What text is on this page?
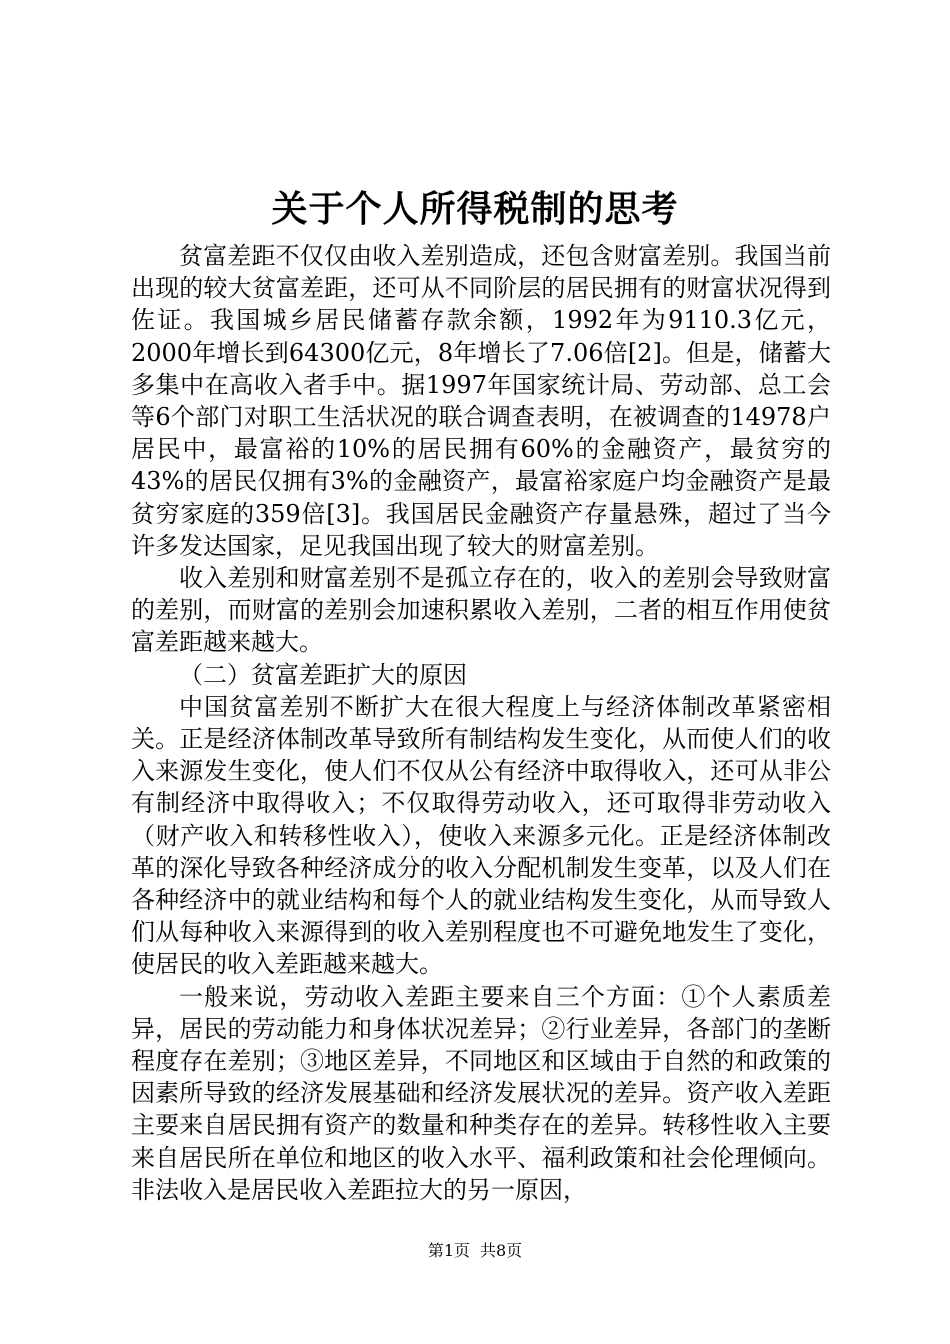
关于个人所得税制的思考

贫富差距不仅仅由收入差别造成，还包含财富差别。我国当前出现的较大贫富差距，还可从不同阶层的居民拥有的财富状况得到佐证。我国城乡居民储蓄存款余额，1992年为9110.3亿元，2000年增长到64300亿元，8年增长了7.06倍[2]。但是，储蓄大多集中在高收入者手中。据1997年国家统计局、劳动部、总工会等6个部门对职工生活状况的联合调查表明，在被调查的14978户居民中，最富裕的10%的居民拥有60%的金融资产，最贫穷的43%的居民仅拥有3%的金融资产，最富裕家庭户均金融资产是最贫穷家庭的359倍[3]。我国居民金融资产存量悬殊，超过了当今许多发达国家，足见我国出现了较大的财富差别。

收入差别和财富差别不是孤立存在的，收入的差别会导致财富的差别，而财富的差别会加速积累收入差别，二者的相互作用使贫富差距越来越大。

（二）贫富差距扩大的原因

中国贫富差别不断扩大在很大程度上与经济体制改革紧密相关。正是经济体制改革导致所有制结构发生变化，从而使人们的收入来源发生变化，使人们不仅从公有经济中取得收入，还可从非公有制经济中取得收入；不仅取得劳动收入，还可取得非劳动收入（财产收入和转移性收入），使收入来源多元化。正是经济体制改革的深化导致各种经济成分的收入分配机制发生变革，以及人们在各种经济中的就业结构和每个人的就业结构发生变化，从而导致人们从每种收入来源得到的收入差别程度也不可避免地发生了变化，使居民的收入差距越来越大。

一般来说，劳动收入差距主要来自三个方面：①个人素质差异，居民的劳动能力和身体状况差异；②行业差异，各部门的垄断程度存在差别；③地区差异，不同地区和区域由于自然的和政策的因素所导致的经济发展基础和经济发展状况的差异。资产收入差距主要来自居民拥有资产的数量和种类存在的差异。转移性收入主要来自居民所在单位和地区的收入水平、福利政策和社会伦理倾向。非法收入是居民收入差距拉大的另一原因，

第1页 共8页
